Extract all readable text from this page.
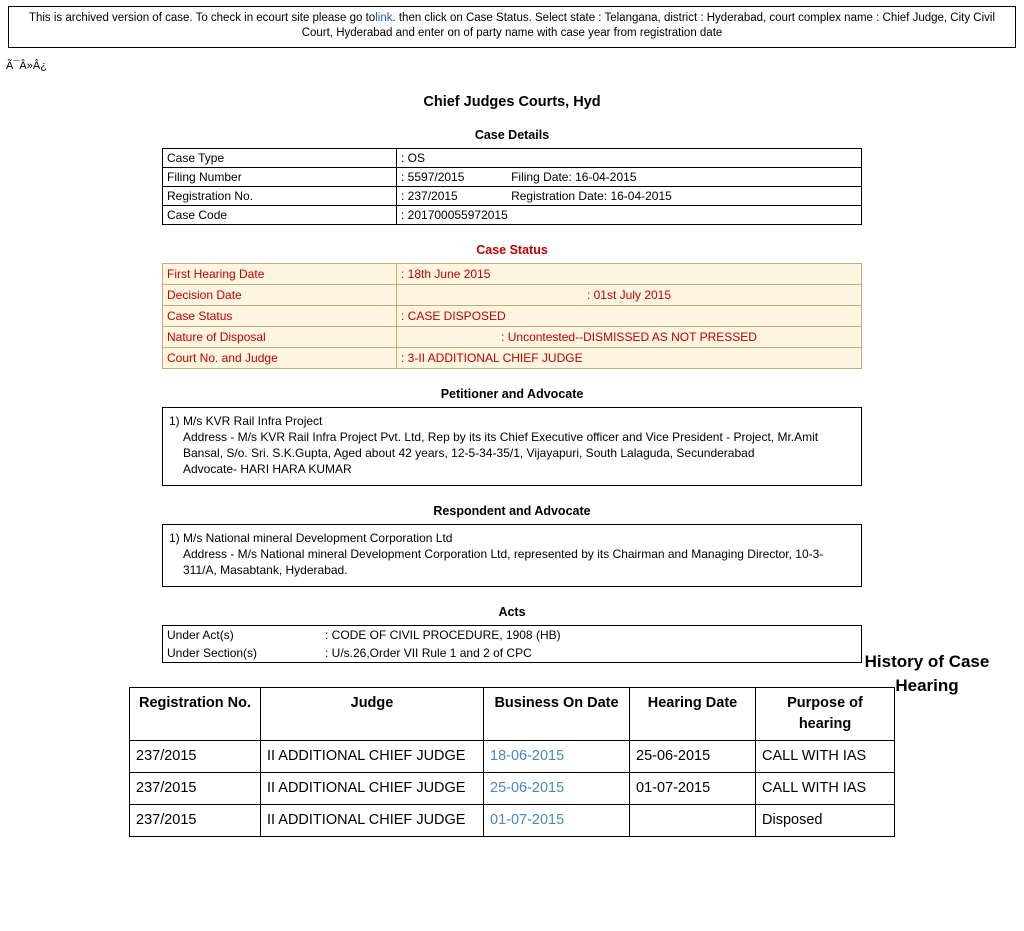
This is archived version of case. To check in ecourt site please go tolink. then click on Case Status. Select state : Telangana, district : Hyderabad, court complex name : Chief Judge, City Civil Court, Hyderabad and enter on of party name with case year from registration date
Ã¯Â»Â¿
Chief Judges Courts, Hyd
Case Details
Case Type	: OS
Filing Number	: 5597/2015 Filing Date: 16-04-2015
Registration No.	: 237/2015 Registration Date: 16-04-2015
Case Code	: 201700055972015
Case Status
First Hearing Date	: 18th June 2015
Decision Date	: 01st July 2015
Case Status	: CASE DISPOSED
Nature of Disposal	: Uncontested--DISMISSED AS NOT PRESSED
Court No. and Judge	: 3-II ADDITIONAL CHIEF JUDGE
Petitioner and Advocate
1) M/s KVR Rail Infra Project
Address - M/s KVR Rail Infra Project Pvt. Ltd, Rep by its its Chief Executive officer and Vice President - Project, Mr.Amit Bansal, S/o. Sri. S.K.Gupta, Aged about 42 years, 12-5-34-35/1, Vijayapuri, South Lalaguda, Secunderabad
Advocate- HARI HARA KUMAR
Respondent and Advocate
1) M/s National mineral Development Corporation Ltd
Address - M/s National mineral Development Corporation Ltd, represented by its Chairman and Managing Director, 10-3-311/A, Masabtank, Hyderabad.
Acts
Under Act(s)	: CODE OF CIVIL PROCEDURE, 1908 (HB)
Under Section(s)	: U/s.26,Order VII Rule 1 and 2 of CPC	History of Case Hearing
Registration No.	Judge	Business On Date	Hearing Date	Purpose of hearing
237/2015	II ADDITIONAL CHIEF JUDGE	18-06-2015	25-06-2015	CALL WITH IAS
237/2015	II ADDITIONAL CHIEF JUDGE	25-06-2015	01-07-2015	CALL WITH IAS
237/2015	II ADDITIONAL CHIEF JUDGE	01-07-2015		Disposed
